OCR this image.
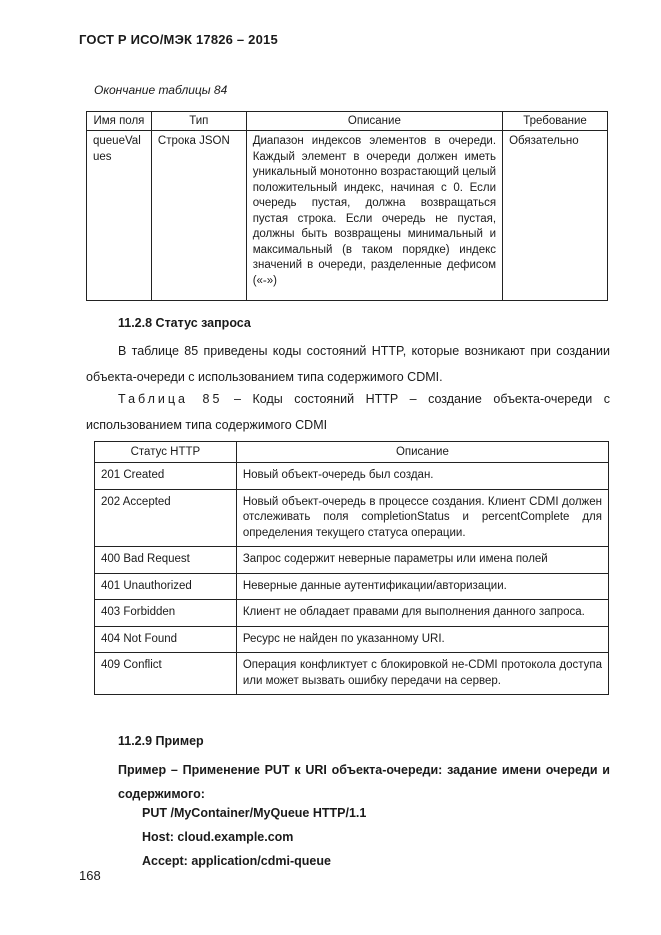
ГОСТ Р ИСО/МЭК 17826 – 2015
Окончание таблицы 84
Имя поля	Тип	Описание	Требование
queueValues	Строка JSON	Диапазон индексов элементов в очереди. Каждый элемент в очереди должен иметь уникальный монотонно возрастающий целый положительный индекс, начиная с 0. Если очередь пустая, должна возвращаться пустая строка. Если очередь не пустая, должны быть возвращены минимальный и максимальный (в таком порядке) индекс значений в очереди, разделенные дефисом («-»)	Обязательно
11.2.8 Статус запроса
В таблице 85 приведены коды состояний HTTP, которые возникают при создании объекта-очереди с использованием типа содержимого CDMI.
Таблица 85 – Коды состояний HTTP – создание объекта-очереди с использованием типа содержимого CDMI
Статус HTTP	Описание
201 Created	Новый объект-очередь был создан.
202 Accepted	Новый объект-очередь в процессе создания. Клиент CDMI должен отслеживать поля completionStatus и percentComplete для определения текущего статуса операции.
400 Bad Request	Запрос содержит неверные параметры или имена полей
401 Unauthorized	Неверные данные аутентификации/авторизации.
403 Forbidden	Клиент не обладает правами для выполнения данного запроса.
404 Not Found	Ресурс не найден по указанному URI.
409 Conflict	Операция конфликтует с блокировкой не-CDMI протокола доступа или может вызвать ошибку передачи на сервер.
11.2.9 Пример
Пример – Применение PUT к URI объекта-очереди: задание имени очереди и содержимого:
PUT /MyContainer/MyQueue HTTP/1.1
Host: cloud.example.com
Accept: application/cdmi-queue
168
